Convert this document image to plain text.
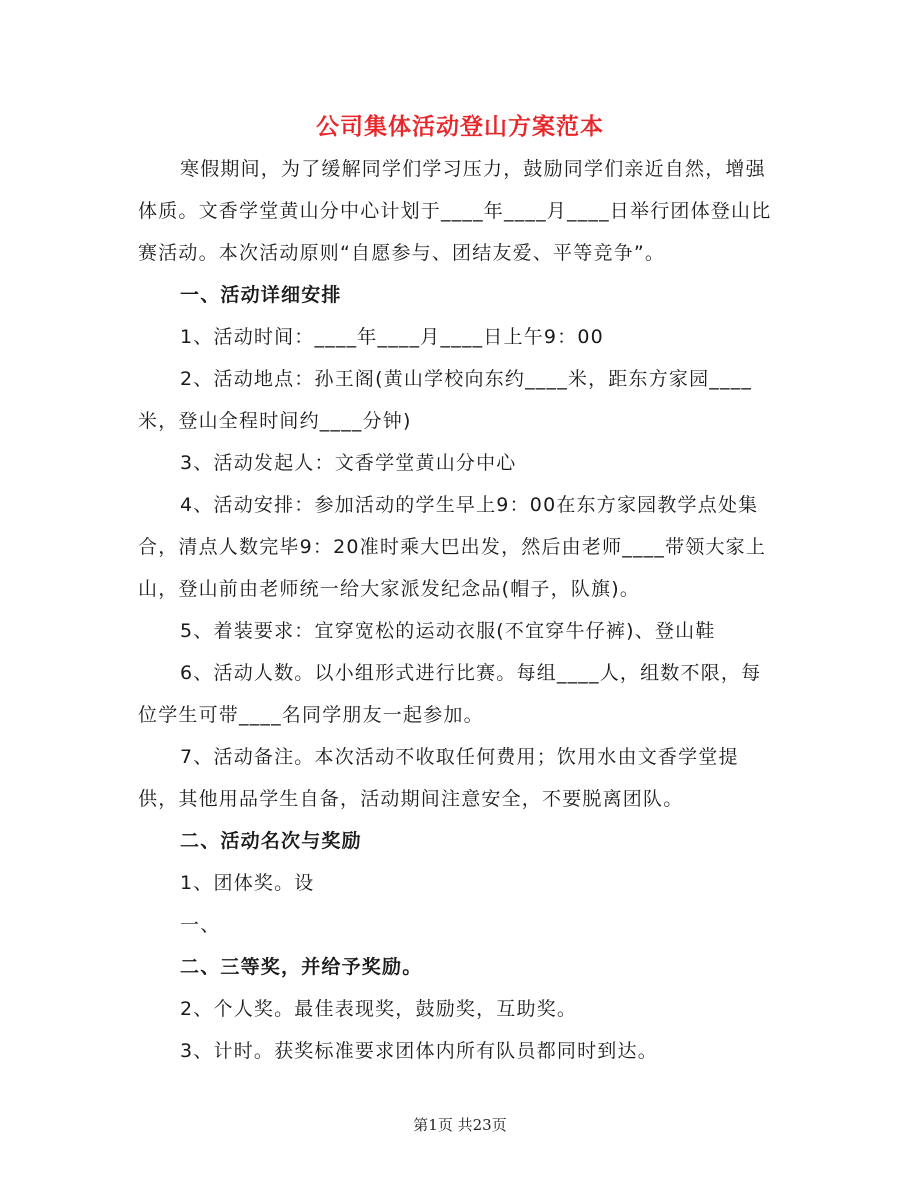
公司集体活动登山方案范本

寒假期间，为了缓解同学们学习压力，鼓励同学们亲近自然，增强体质。文香学堂黄山分中心计划于____年____月____日举行团体登山比赛活动。本次活动原则“自愿参与、团结友爱、平等竞争”。

一、活动详细安排

1、活动时间：____年____月____日上午9：00

2、活动地点：孙王阁(黄山学校向东约____米，距东方家园____米，登山全程时间约____分钟)

3、活动发起人：文香学堂黄山分中心

4、活动安排：参加活动的学生早上9：00在东方家园教学点处集合，清点人数完毕9：20准时乘大巴出发，然后由老师____带领大家上山，登山前由老师统一给大家派发纪念品(帽子，队旗)。

5、着装要求：宜穿宽松的运动衣服(不宜穿牛仔裤)、登山鞋

6、活动人数。以小组形式进行比赛。每组____人，组数不限，每位学生可带____名同学朋友一起参加。

7、活动备注。本次活动不收取任何费用；饮用水由文香学堂提供，其他用品学生自备，活动期间注意安全，不要脱离团队。

二、活动名次与奖励

1、团体奖。设

一、

二、三等奖，并给予奖励。

2、个人奖。最佳表现奖，鼓励奖，互助奖。

3、计时。获奖标准要求团体内所有队员都同时到达。

第1页 共23页
